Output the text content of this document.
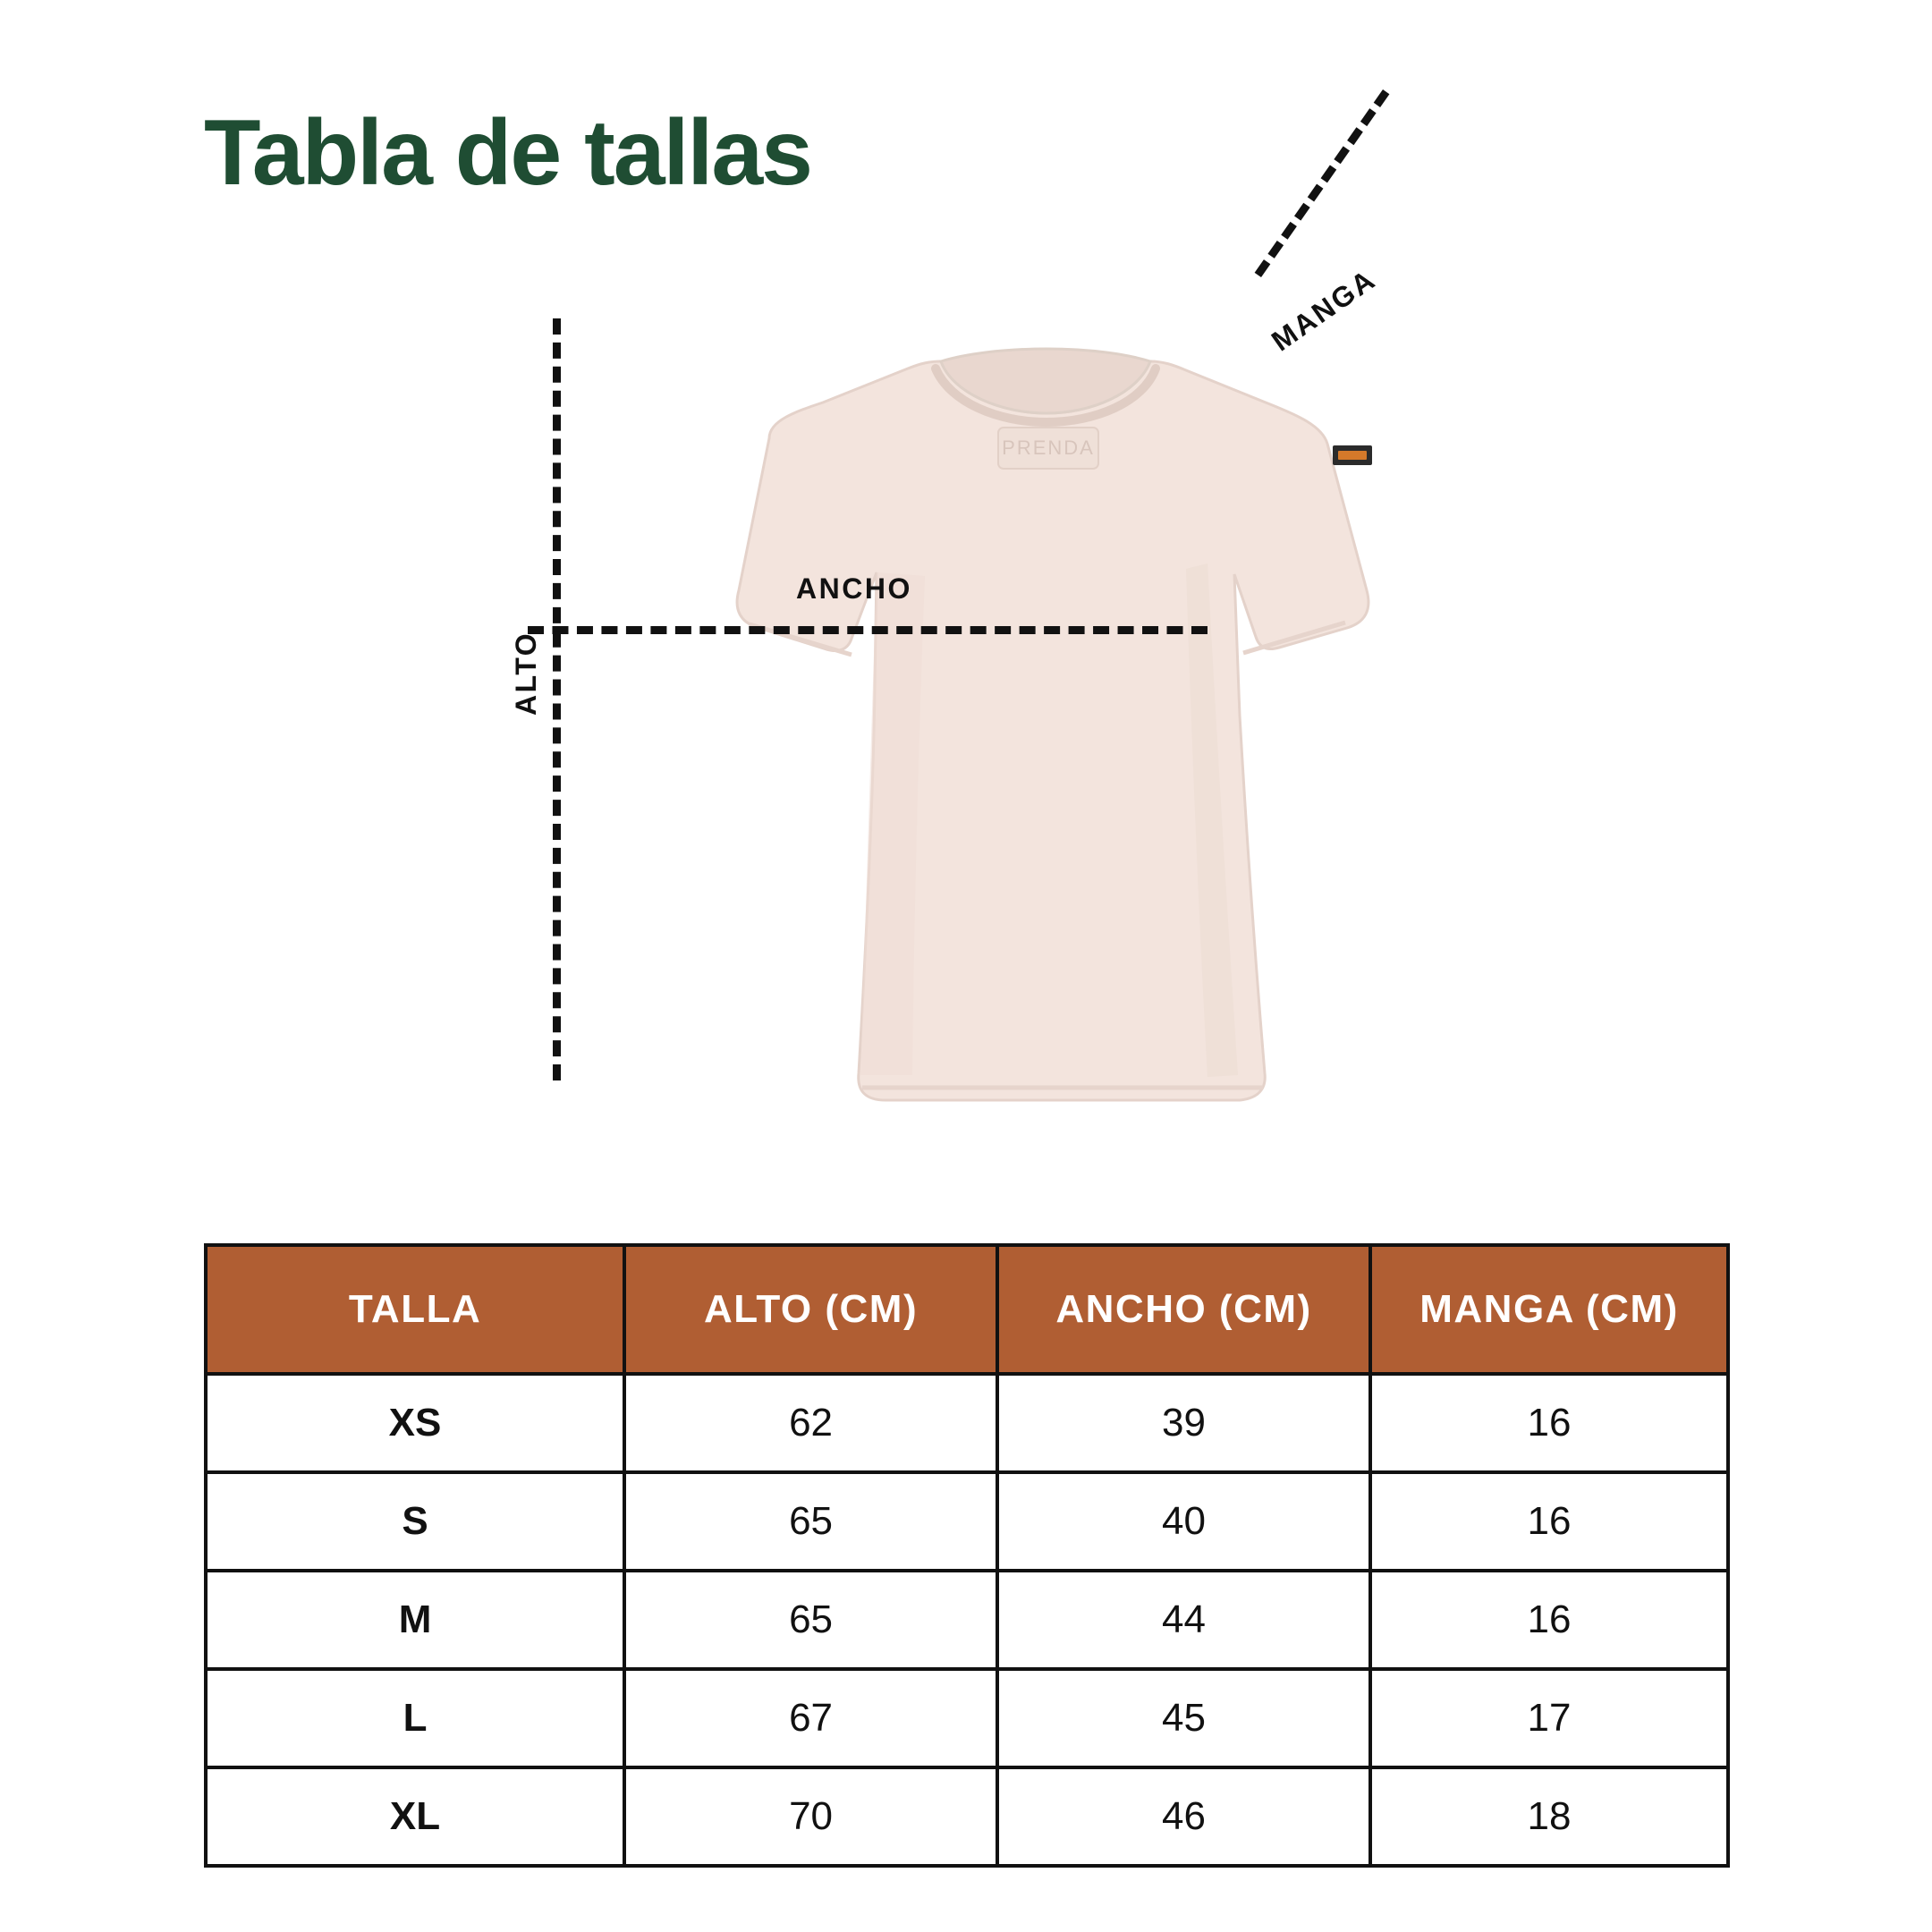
Tabla de tallas
PRENDA
ANCHO
ALTO
MANGA
TALLA	ALTO (CM)	ANCHO (CM)	MANGA (CM)
XS	62	39	16
S	65	40	16
M	65	44	16
L	67	45	17
XL	70	46	18
